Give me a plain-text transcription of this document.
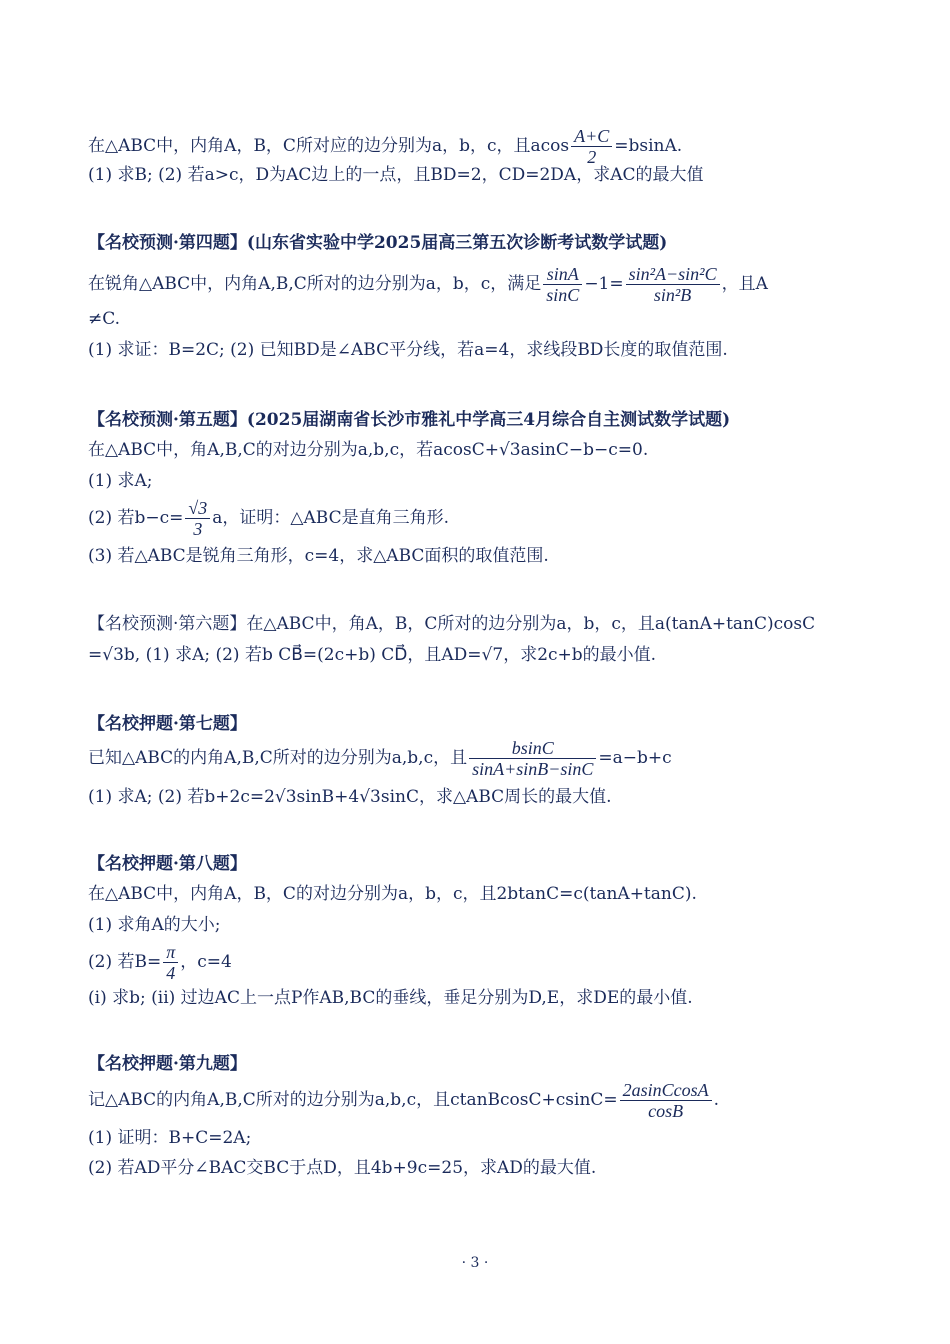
在△ABC中，内角A，B，C所对应的边分别为a，b，c，且acos $\frac{A+C}{2} =bsinA$.
(1) 求B; (2) 若a>c，D为AC边上的一点，且BD=2，CD=2DA，求AC的最大值
【名校预测·第四题】(山东省实验中学2025届高三第五次诊断考试数学试题)
在锐角△ABC中，内角A,B,C所对的边分别为a，b，c，满足 $\frac{\sin A}{\sin C} -1= \frac{\text{sin²A−sin²C}}{\text{sin²B}}$ ，且A
≠C.
(1) 求证：B=2C; (2) 已知BD是∠ABC平分线，若a=4，求线段BD长度的取值范围.
【名校预测·第五题】(2025届湖南省长沙市雅礼中学高三4月综合自主测试数学试题)
在△ABC中，角A,B,C的对边分别为a,b,c，若acosC+√3asinC−b−c=0.
(1) 求A;
(2) 若$b-c= \frac{√3}{3}$ a，证明：△ABC是直角三角形.
(3) 若△ABC是锐角三角形，c=4，求△ABC面积的取值范围.
【名校预测·第六题】在△ABC中，角A，B，C所对的边分别为a，b，c，且a(tanA+tanC)cosC
=√3b, (1) 求A; (2) 若b CB⃗=(2c+b) CD⃗，且AD=√7，求2c+b的最小值.
【名校押题·第七题】
已知△ABC的内角A,B,C所对的边分别为a,b,c，且 $\frac{bsinC}{\sin A+\sin B-\sin C} =a-b+c$
(1) 求A; (2) 若b+2c=2√3sinB+4√3sinC，求△ABC周长的最大值.
【名校押题·第八题】
在△ABC中，内角A，B，C的对边分别为a，b，c，且2btanC=c(tanA+tanC).
(1) 求角A的大小;
(2) 若$B= \frac{\pi}{4}$ ，c=4
(i) 求b; (ii) 过边AC上一点P作AB,BC的垂线，垂足分别为D,E，求DE的最小值.
【名校押题·第九题】
记△ABC的内角A,B,C所对的边分别为a,b,c，且ctanBcosC+csinC= $\frac{\text{2asinCcosA}}{\cos B}$ .
(1) 证明：B+C=2A;
(2) 若AD平分∠BAC交BC于点D，且4b+9c=25，求AD的最大值.
· 3 ·
